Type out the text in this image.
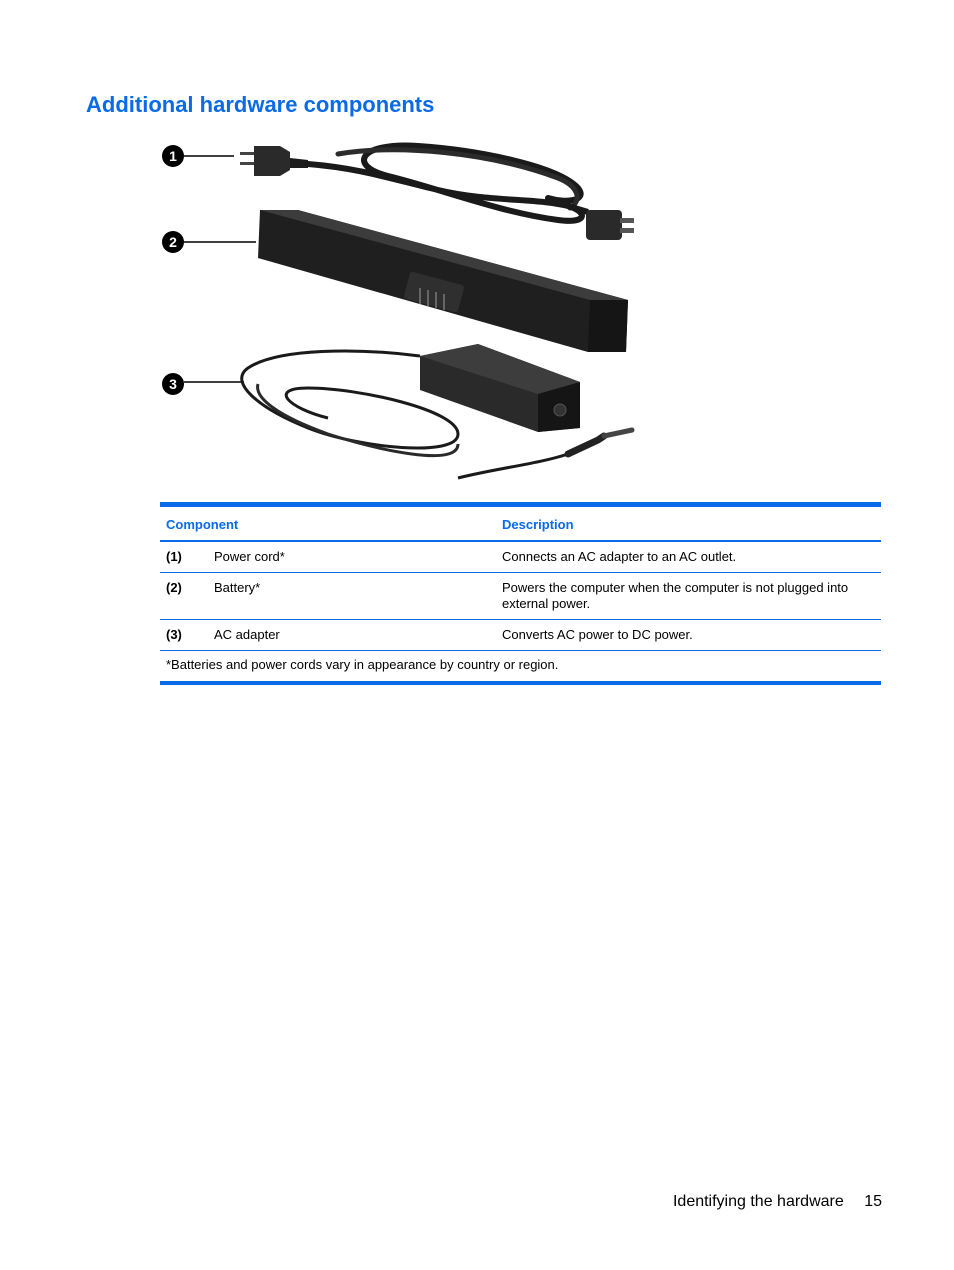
Additional hardware components
1
2
3

Component		Description
(1)	Power cord*	Connects an AC adapter to an AC outlet.
(2)	Battery*	Powers the computer when the computer is not plugged into external power.
(3)	AC adapter	Converts AC power to DC power.
*Batteries and power cords vary in appearance by country or region.		
Identifying the hardware 15
